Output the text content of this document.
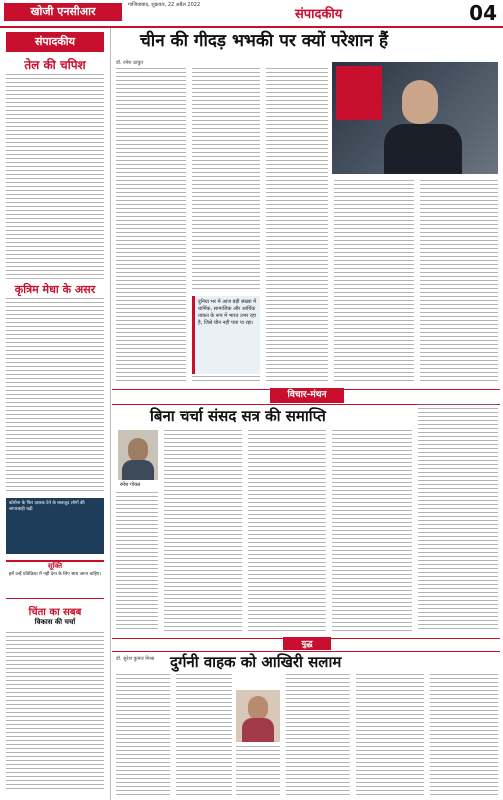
खोजी एनसीआर	गाजियाबाद, शुक्रवार, 22 अप्रैल 2022
संपादकीय	04
संपादकीय
तेल की चपिश
कृत्रिम मेधा के असर
कोरोना के फिर दस्तक देने के बावजूद लोगों की लापरवाही बढ़ी
सूक्ति
हमें उन्हें प्रतिक्रिया में नहीं देना के लिए साथ जाना चाहिए।
चिंता का सबब
विकास की चर्चा
चीन की गीदड़ भभकी पर क्यों परेशान हैं
डॉ. रमेश ठाकुर
दुनिया भर में आज बड़ी संख्या में धार्मिक, सामाजिक और आर्थिक ताकत के रूप में भारत उभर रहा है, जिसे चीन नहीं पचा पा रहा।
विचार-मंथन
बिना चर्चा संसद सत्र की समाप्ति
रमेश गोयल
युद्ध
दुर्गनी वाहक को आखिरी सलाम
डॉ. सुरेश कुमार मिश्रा
